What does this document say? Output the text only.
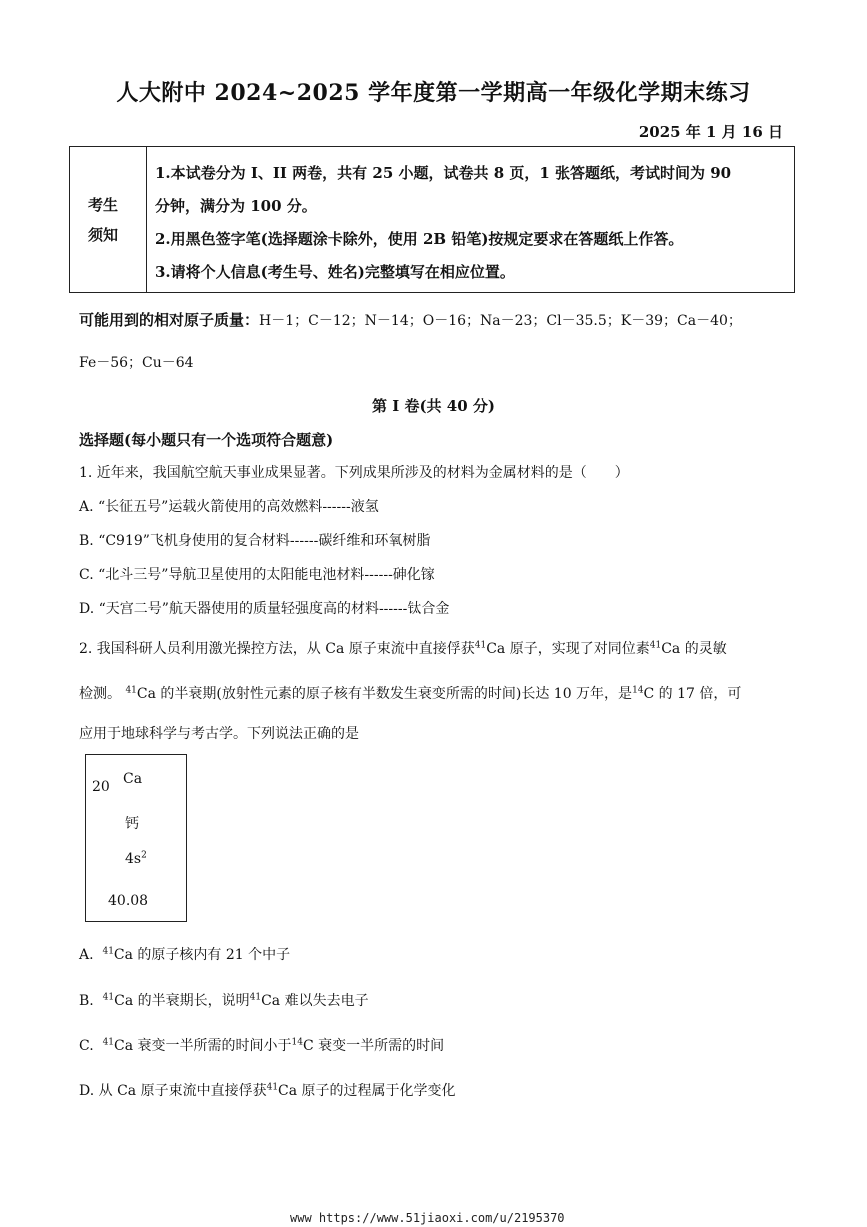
人大附中 2024~2025 学年度第一学期高一年级化学期末练习
2025 年 1 月 16 日
考生须知
1.本试卷分为 I、II 两卷，共有 25 小题，试卷共 8 页，1 张答题纸，考试时间为 90
分钟，满分为 100 分。
2.用黑色签字笔(选择题涂卡除外，使用 2B 铅笔)按规定要求在答题纸上作答。
3.请将个人信息(考生号、姓名)完整填写在相应位置。
可能用到的相对原子质量：H－1；C－12；N－14；O－16；Na－23；Cl－35.5；K－39；Ca－40；
Fe－56；Cu－64
第 I 卷(共 40 分)
选择题(每小题只有一个选项符合题意)
1. 近年来，我国航空航天事业成果显著。下列成果所涉及的材料为金属材料的是（　　）
A. “长征五号”运载火箭使用的高效燃料------液氢
B. “C919”飞机身使用的复合材料------碳纤维和环氧树脂
C. “北斗三号”导航卫星使用的太阳能电池材料------砷化镓
D. “天宫二号”航天器使用的质量轻强度高的材料------钛合金
2. 我国科研人员利用激光操控方法，从 Ca 原子束流中直接俘获$^{41}$Ca 原子，实现了对同位素$^{41}$Ca 的灵敏
检测。 $^{41}$Ca 的半衰期(放射性元素的原子核有半数发生衰变所需的时间)长达 10 万年，是$^{14}$C 的 17 倍，可
应用于地球科学与考古学。下列说法正确的是
20 Ca
钙
$4s^2$
40.08
A. $^{41}$Ca 的原子核内有 21 个中子
B. $^{41}$Ca 的半衰期长，说明$^{41}$Ca 难以失去电子
C. $^{41}$Ca 衰变一半所需的时间小于$^{14}$C 衰变一半所需的时间
D. 从 Ca 原子束流中直接俘获$^{41}$Ca 原子的过程属于化学变化
www https://www.51jiaoxi.com/u/2195370
